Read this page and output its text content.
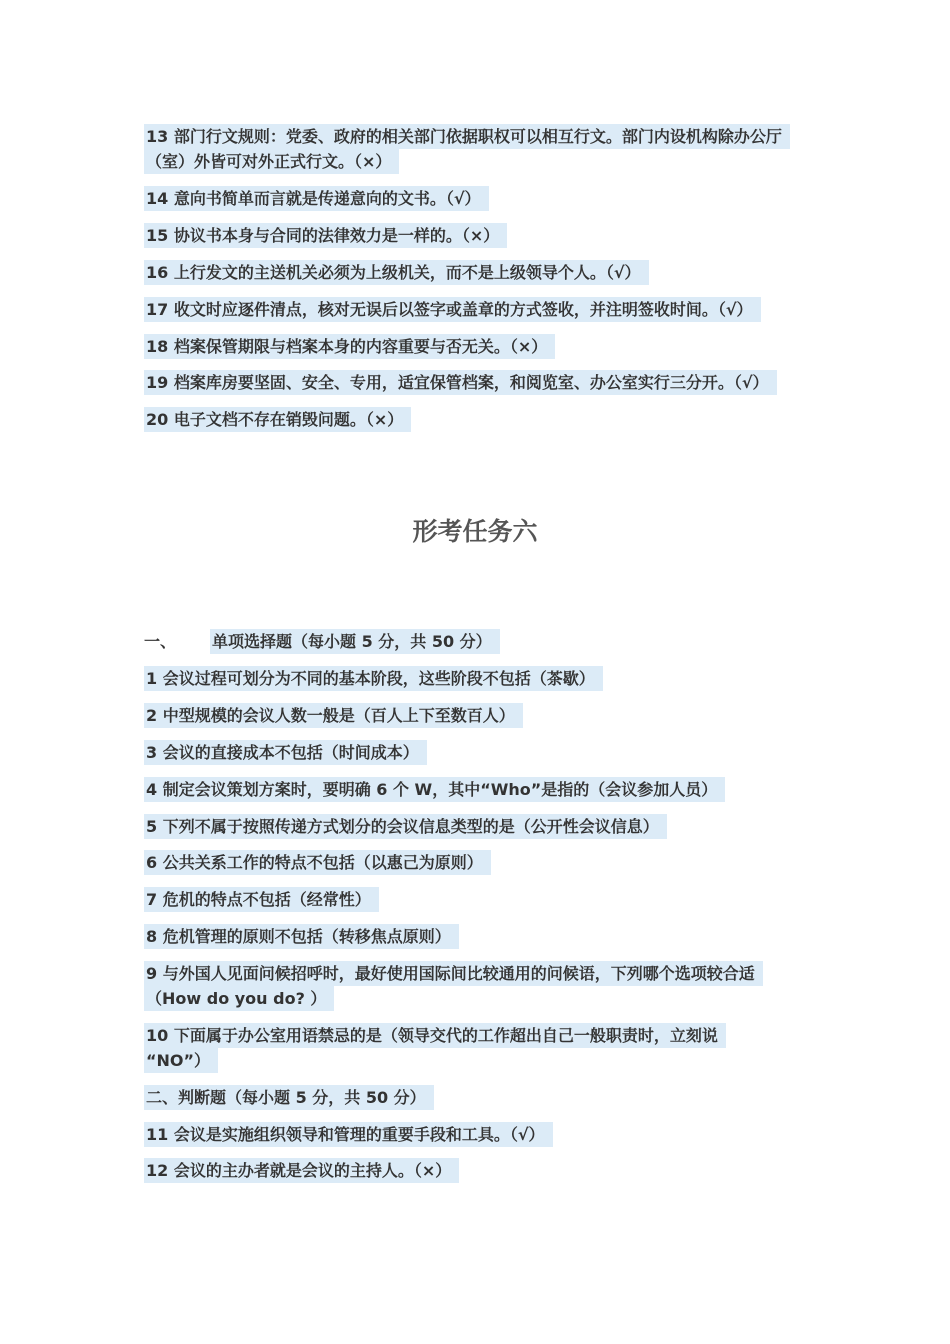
13 部门行文规则：党委、政府的相关部门依据职权可以相互行文。部门内设机构除办公厅
（室）外皆可对外正式行文。（×）
14 意向书简单而言就是传递意向的文书。（√）
15 协议书本身与合同的法律效力是一样的。（×）
16 上行发文的主送机关必须为上级机关，而不是上级领导个人。（√）
17 收文时应逐件清点，核对无误后以签字或盖章的方式签收，并注明签收时间。（√）
18 档案保管期限与档案本身的内容重要与否无关。（×）
19 档案库房要坚固、安全、专用，适宜保管档案，和阅览室、办公室实行三分开。（√）
20 电子文档不存在销毁问题。（×）
形考任务六
一、 单项选择题（每小题 5 分，共 50 分）
1 会议过程可划分为不同的基本阶段，这些阶段不包括（茶歇）
2 中型规模的会议人数一般是（百人上下至数百人）
3 会议的直接成本不包括（时间成本）
4 制定会议策划方案时，要明确 6 个 W，其中“Who”是指的（会议参加人员）
5 下列不属于按照传递方式划分的会议信息类型的是（公开性会议信息）
6 公共关系工作的特点不包括（以惠己为原则）
7 危机的特点不包括（经常性）
8 危机管理的原则不包括（转移焦点原则）
9 与外国人见面问候招呼时，最好使用国际间比较通用的问候语，下列哪个选项较合适
（How do you do? ）
10 下面属于办公室用语禁忌的是（领导交代的工作超出自己一般职责时，立刻说
“NO”）
二、判断题（每小题 5 分，共 50 分）
11 会议是实施组织领导和管理的重要手段和工具。（√）
12 会议的主办者就是会议的主持人。（×）
